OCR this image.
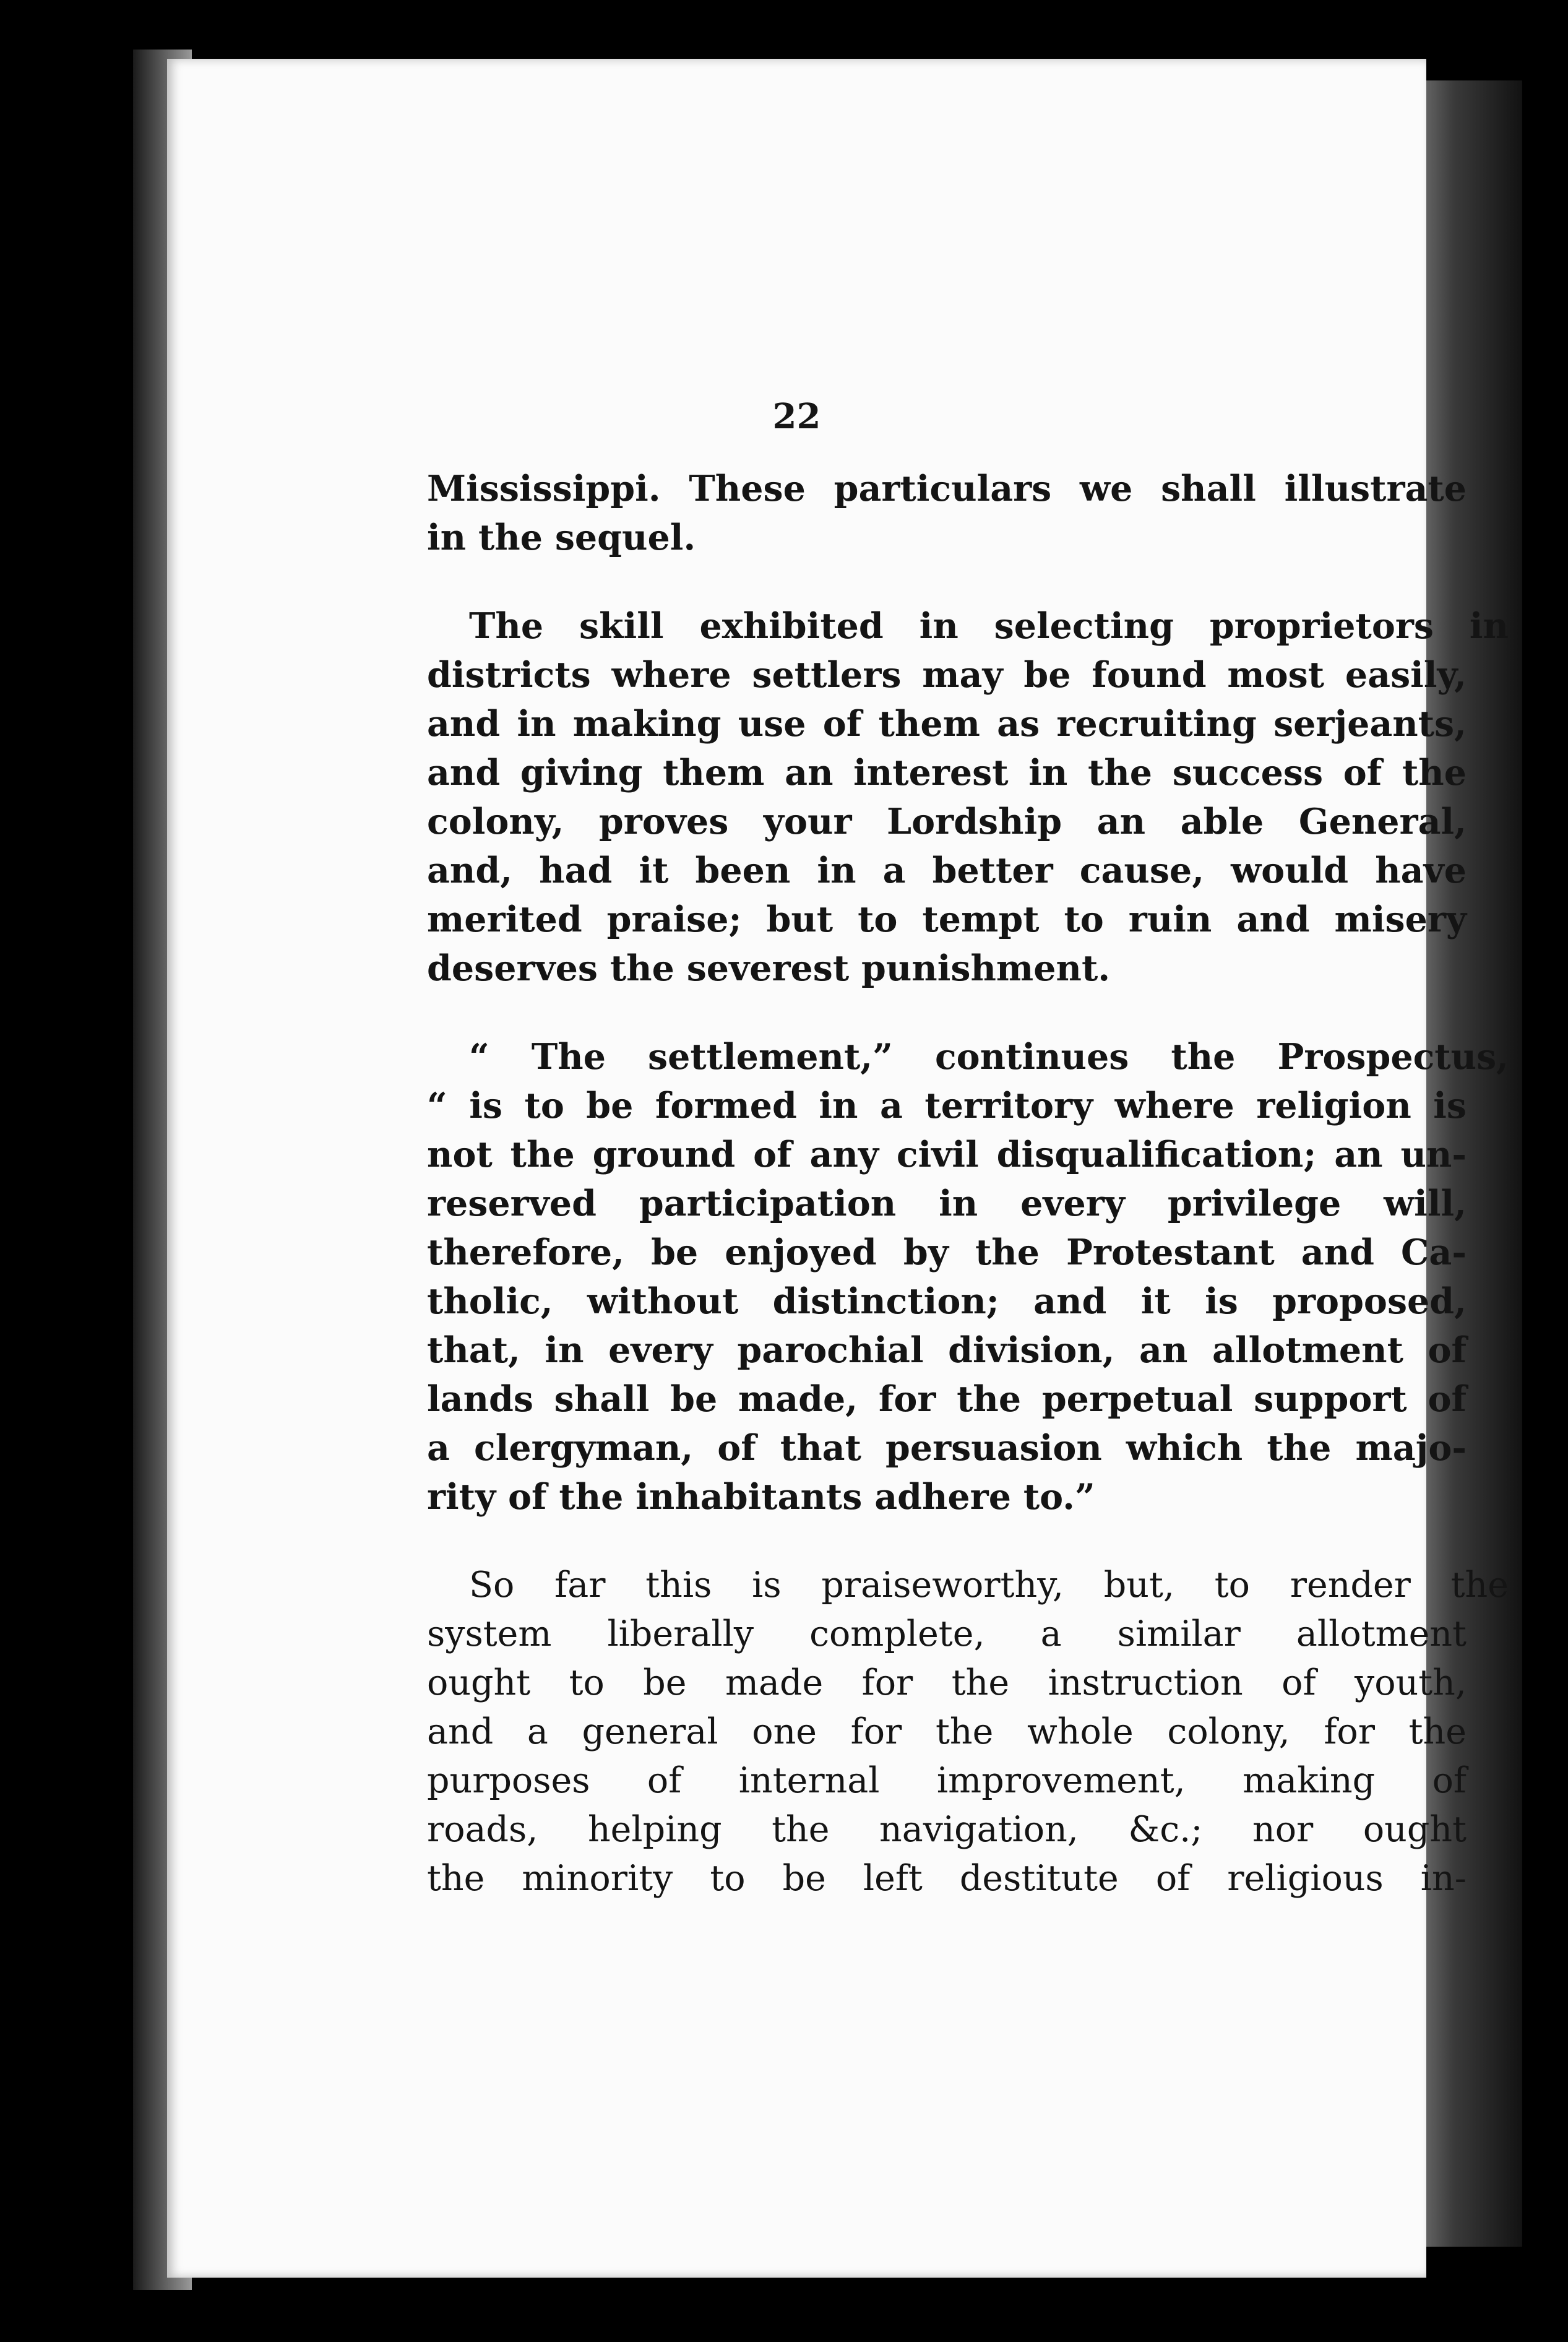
22

Mississippi. These particulars we shall illustrate
in the sequel.

The skill exhibited in selecting proprietors in
districts where settlers may be found most easily,
and in making use of them as recruiting serjeants,
and giving them an interest in the success of the
colony, proves your Lordship an able General,
and, had it been in a better cause, would have
merited praise; but to tempt to ruin and misery
deserves the severest punishment.

“ The settlement,” continues the Prospectus,
“ is to be formed in a territory where religion is
not the ground of any civil disqualification; an un-
reserved participation in every privilege will,
therefore, be enjoyed by the Protestant and Ca-
tholic, without distinction; and it is proposed,
that, in every parochial division, an allotment of
lands shall be made, for the perpetual support of
a clergyman, of that persuasion which the majo-
rity of the inhabitants adhere to.”

So far this is praiseworthy, but, to render the
system liberally complete, a similar allotment
ought to be made for the instruction of youth,
and a general one for the whole colony, for the
purposes of internal improvement, making of
roads, helping the navigation, &c.; nor ought
the minority to be left destitute of religious in-
